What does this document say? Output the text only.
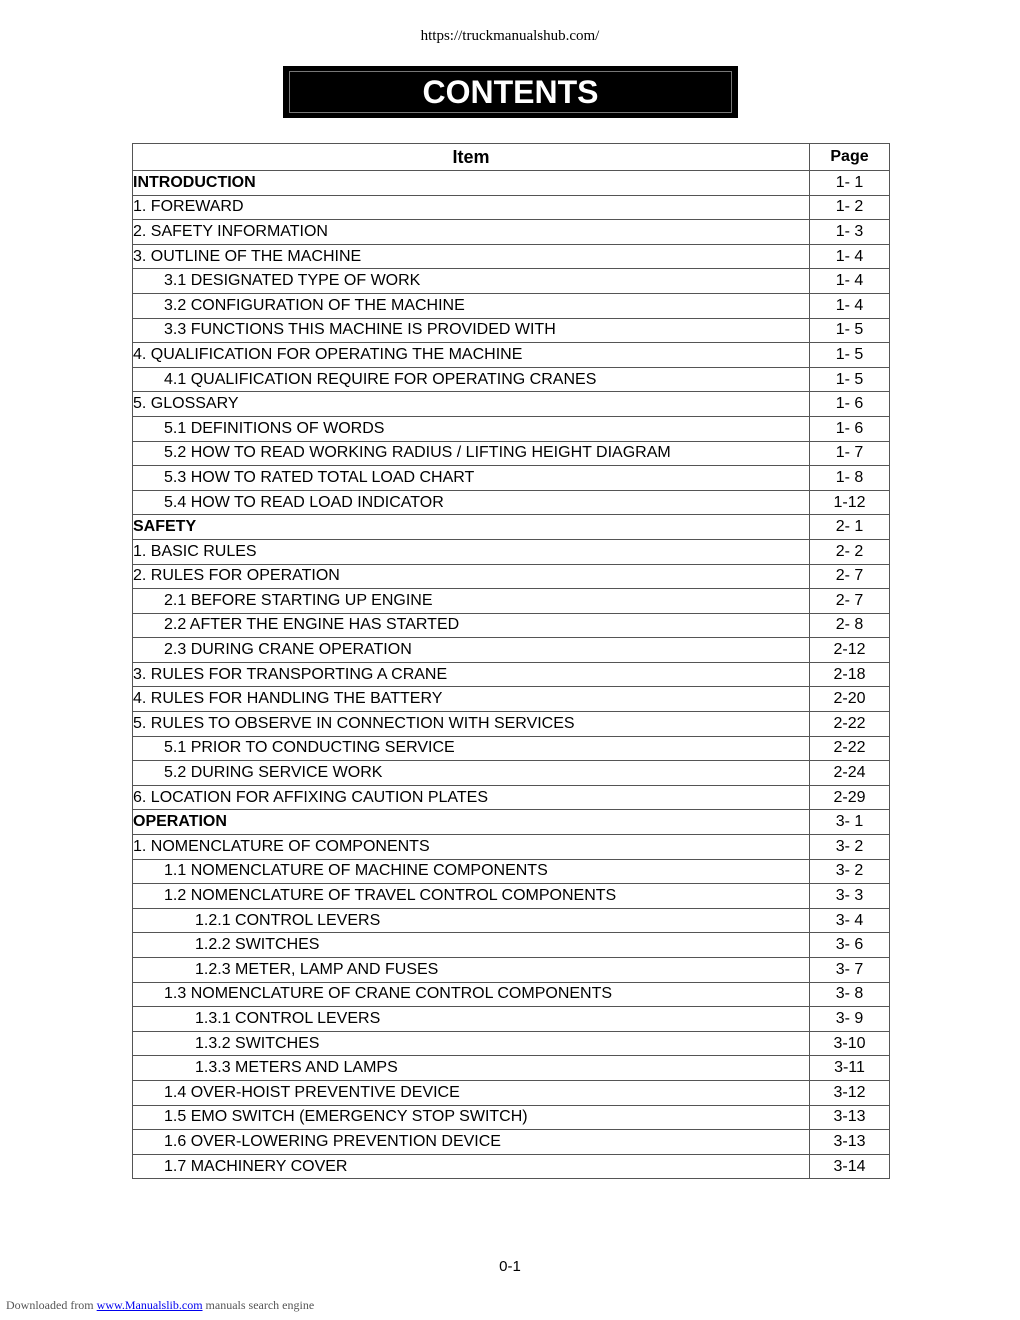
https://truckmanualshub.com/
CONTENTS
Item	Page
INTRODUCTION	1- 1
1. FOREWARD	1- 2
2. SAFETY INFORMATION	1- 3
3. OUTLINE OF THE MACHINE	1- 4
3.1 DESIGNATED TYPE OF WORK	1- 4
3.2 CONFIGURATION OF THE MACHINE	1- 4
3.3 FUNCTIONS THIS MACHINE IS PROVIDED WITH	1- 5
4. QUALIFICATION FOR OPERATING THE MACHINE	1- 5
4.1 QUALIFICATION REQUIRE FOR OPERATING CRANES	1- 5
5. GLOSSARY	1- 6
5.1 DEFINITIONS OF WORDS	1- 6
5.2 HOW TO READ WORKING RADIUS / LIFTING HEIGHT DIAGRAM	1- 7
5.3 HOW TO RATED TOTAL LOAD CHART	1- 8
5.4 HOW TO READ LOAD INDICATOR	1-12
SAFETY	2- 1
1. BASIC RULES	2- 2
2. RULES FOR OPERATION	2- 7
2.1 BEFORE STARTING UP ENGINE	2- 7
2.2 AFTER THE ENGINE HAS STARTED	2- 8
2.3 DURING CRANE OPERATION	2-12
3. RULES FOR TRANSPORTING A CRANE	2-18
4. RULES FOR HANDLING THE BATTERY	2-20
5. RULES TO OBSERVE IN CONNECTION WITH SERVICES	2-22
5.1 PRIOR TO CONDUCTING SERVICE	2-22
5.2 DURING SERVICE WORK	2-24
6. LOCATION FOR AFFIXING CAUTION PLATES	2-29
OPERATION	3- 1
1. NOMENCLATURE OF COMPONENTS	3- 2
1.1 NOMENCLATURE OF MACHINE COMPONENTS	3- 2
1.2 NOMENCLATURE OF TRAVEL CONTROL COMPONENTS	3- 3
1.2.1 CONTROL LEVERS	3- 4
1.2.2 SWITCHES	3- 6
1.2.3 METER, LAMP AND FUSES	3- 7
1.3 NOMENCLATURE OF CRANE CONTROL COMPONENTS	3- 8
1.3.1 CONTROL LEVERS	3- 9
1.3.2 SWITCHES	3-10
1.3.3 METERS AND LAMPS	3-11
1.4 OVER-HOIST PREVENTIVE DEVICE	3-12
1.5 EMO SWITCH (EMERGENCY STOP SWITCH)	3-13
1.6 OVER-LOWERING PREVENTION DEVICE	3-13
1.7 MACHINERY COVER	3-14
0-1
Downloaded from www.Manualslib.com manuals search engine
